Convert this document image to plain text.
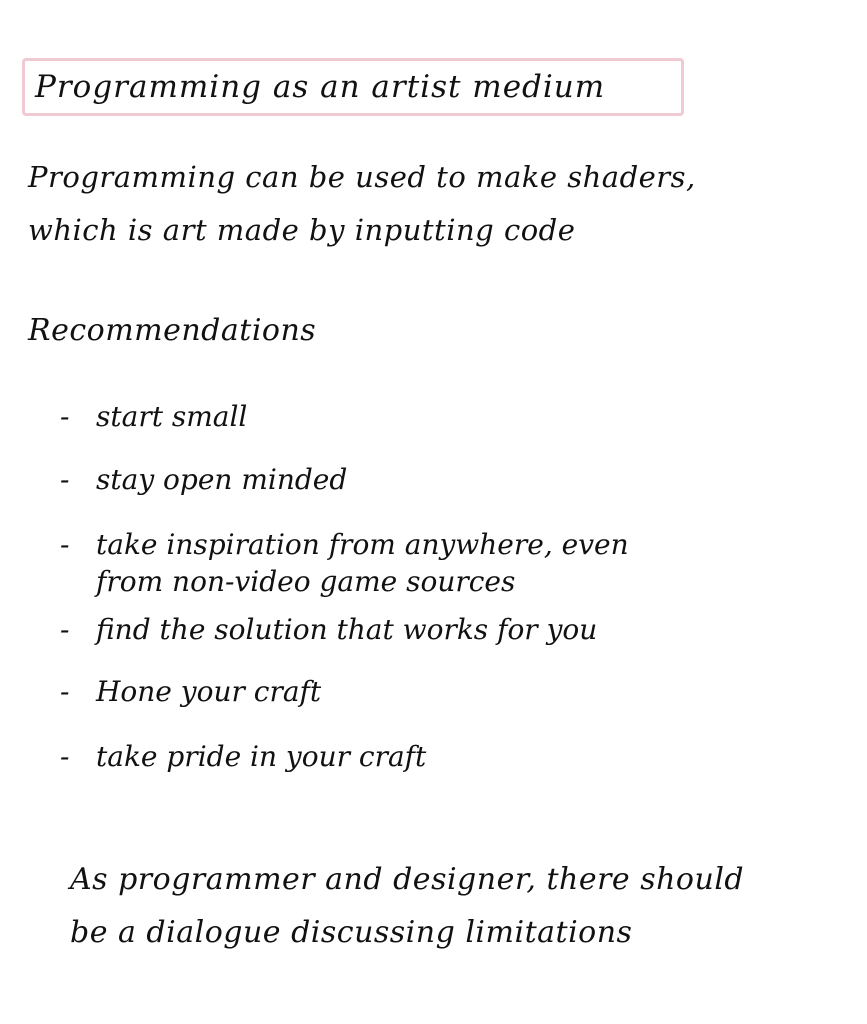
Programming as an artist medium
Programming can be used to make shaders,
which is art made by inputting code
Recommendations
- start small
- stay open minded
- take inspiration from anywhere, even
from non-video game sources
- find the solution that works for you
- Hone your craft
- take pride in your craft
As programmer and designer, there should
be a dialogue discussing limitations
